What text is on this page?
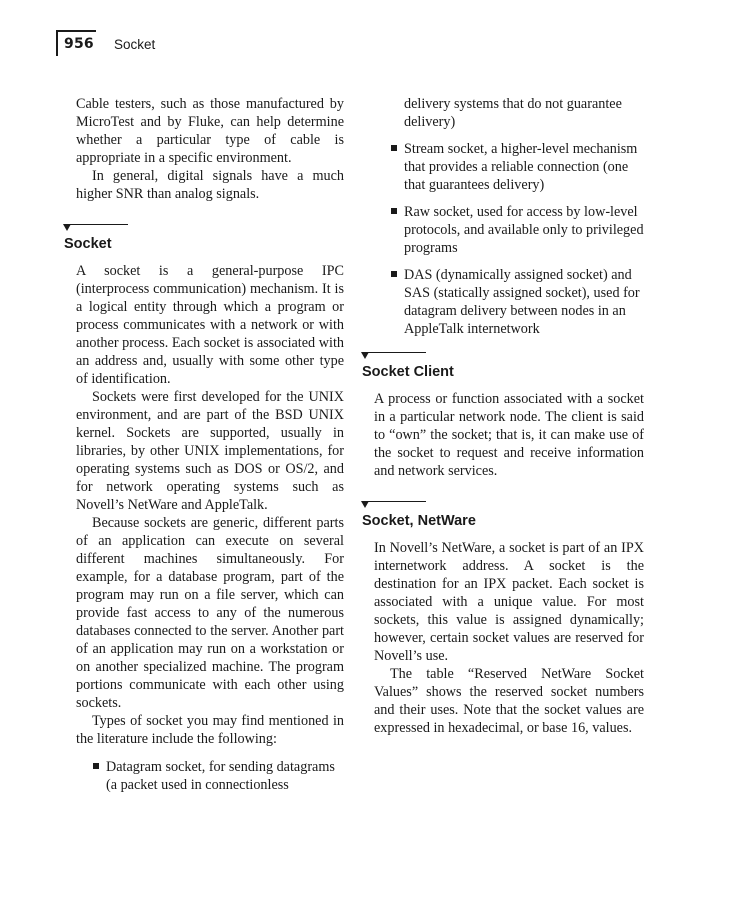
956 Socket

Cable testers, such as those manufactured by MicroTest and by Fluke, can help determine whether a particular type of cable is appropriate in a specific environment.

In general, digital signals have a much higher SNR than analog signals.

Socket

A socket is a general-purpose IPC (interprocess communication) mechanism. It is a logical entity through which a program or process communicates with a network or with another process. Each socket is associated with an address and, usually with some other type of identification.

Sockets were first developed for the UNIX environment, and are part of the BSD UNIX kernel. Sockets are supported, usually in libraries, by other UNIX implementations, for operating systems such as DOS or OS/2, and for network operating systems such as Novell’s NetWare and AppleTalk.

Because sockets are generic, different parts of an application can execute on several different machines simultaneously. For example, for a database program, part of the program may run on a file server, which can provide fast access to any of the numerous databases connected to the server. Another part of an application may run on a workstation or on another specialized machine. The program portions communicate with each other using sockets.

Types of socket you may find mentioned in the literature include the following:

Datagram socket, for sending datagrams (a packet used in connectionless
delivery systems that do not guarantee delivery)
Stream socket, a higher-level mechanism that provides a reliable connection (one that guarantees delivery)
Raw socket, used for access by low-level protocols, and available only to privileged programs
DAS (dynamically assigned socket) and SAS (statically assigned socket), used for datagram delivery between nodes in an AppleTalk internetwork
Socket Client

A process or function associated with a socket in a particular network node. The client is said to “own” the socket; that is, it can make use of the socket to request and receive information and network services.

Socket, NetWare

In Novell’s NetWare, a socket is part of an IPX internetwork address. A socket is the destination for an IPX packet. Each socket is associated with a unique value. For most sockets, this value is assigned dynamically; however, certain socket values are reserved for Novell’s use.

The table “Reserved NetWare Socket Values” shows the reserved socket numbers and their uses. Note that the socket values are expressed in hexadecimal, or base 16, values.
